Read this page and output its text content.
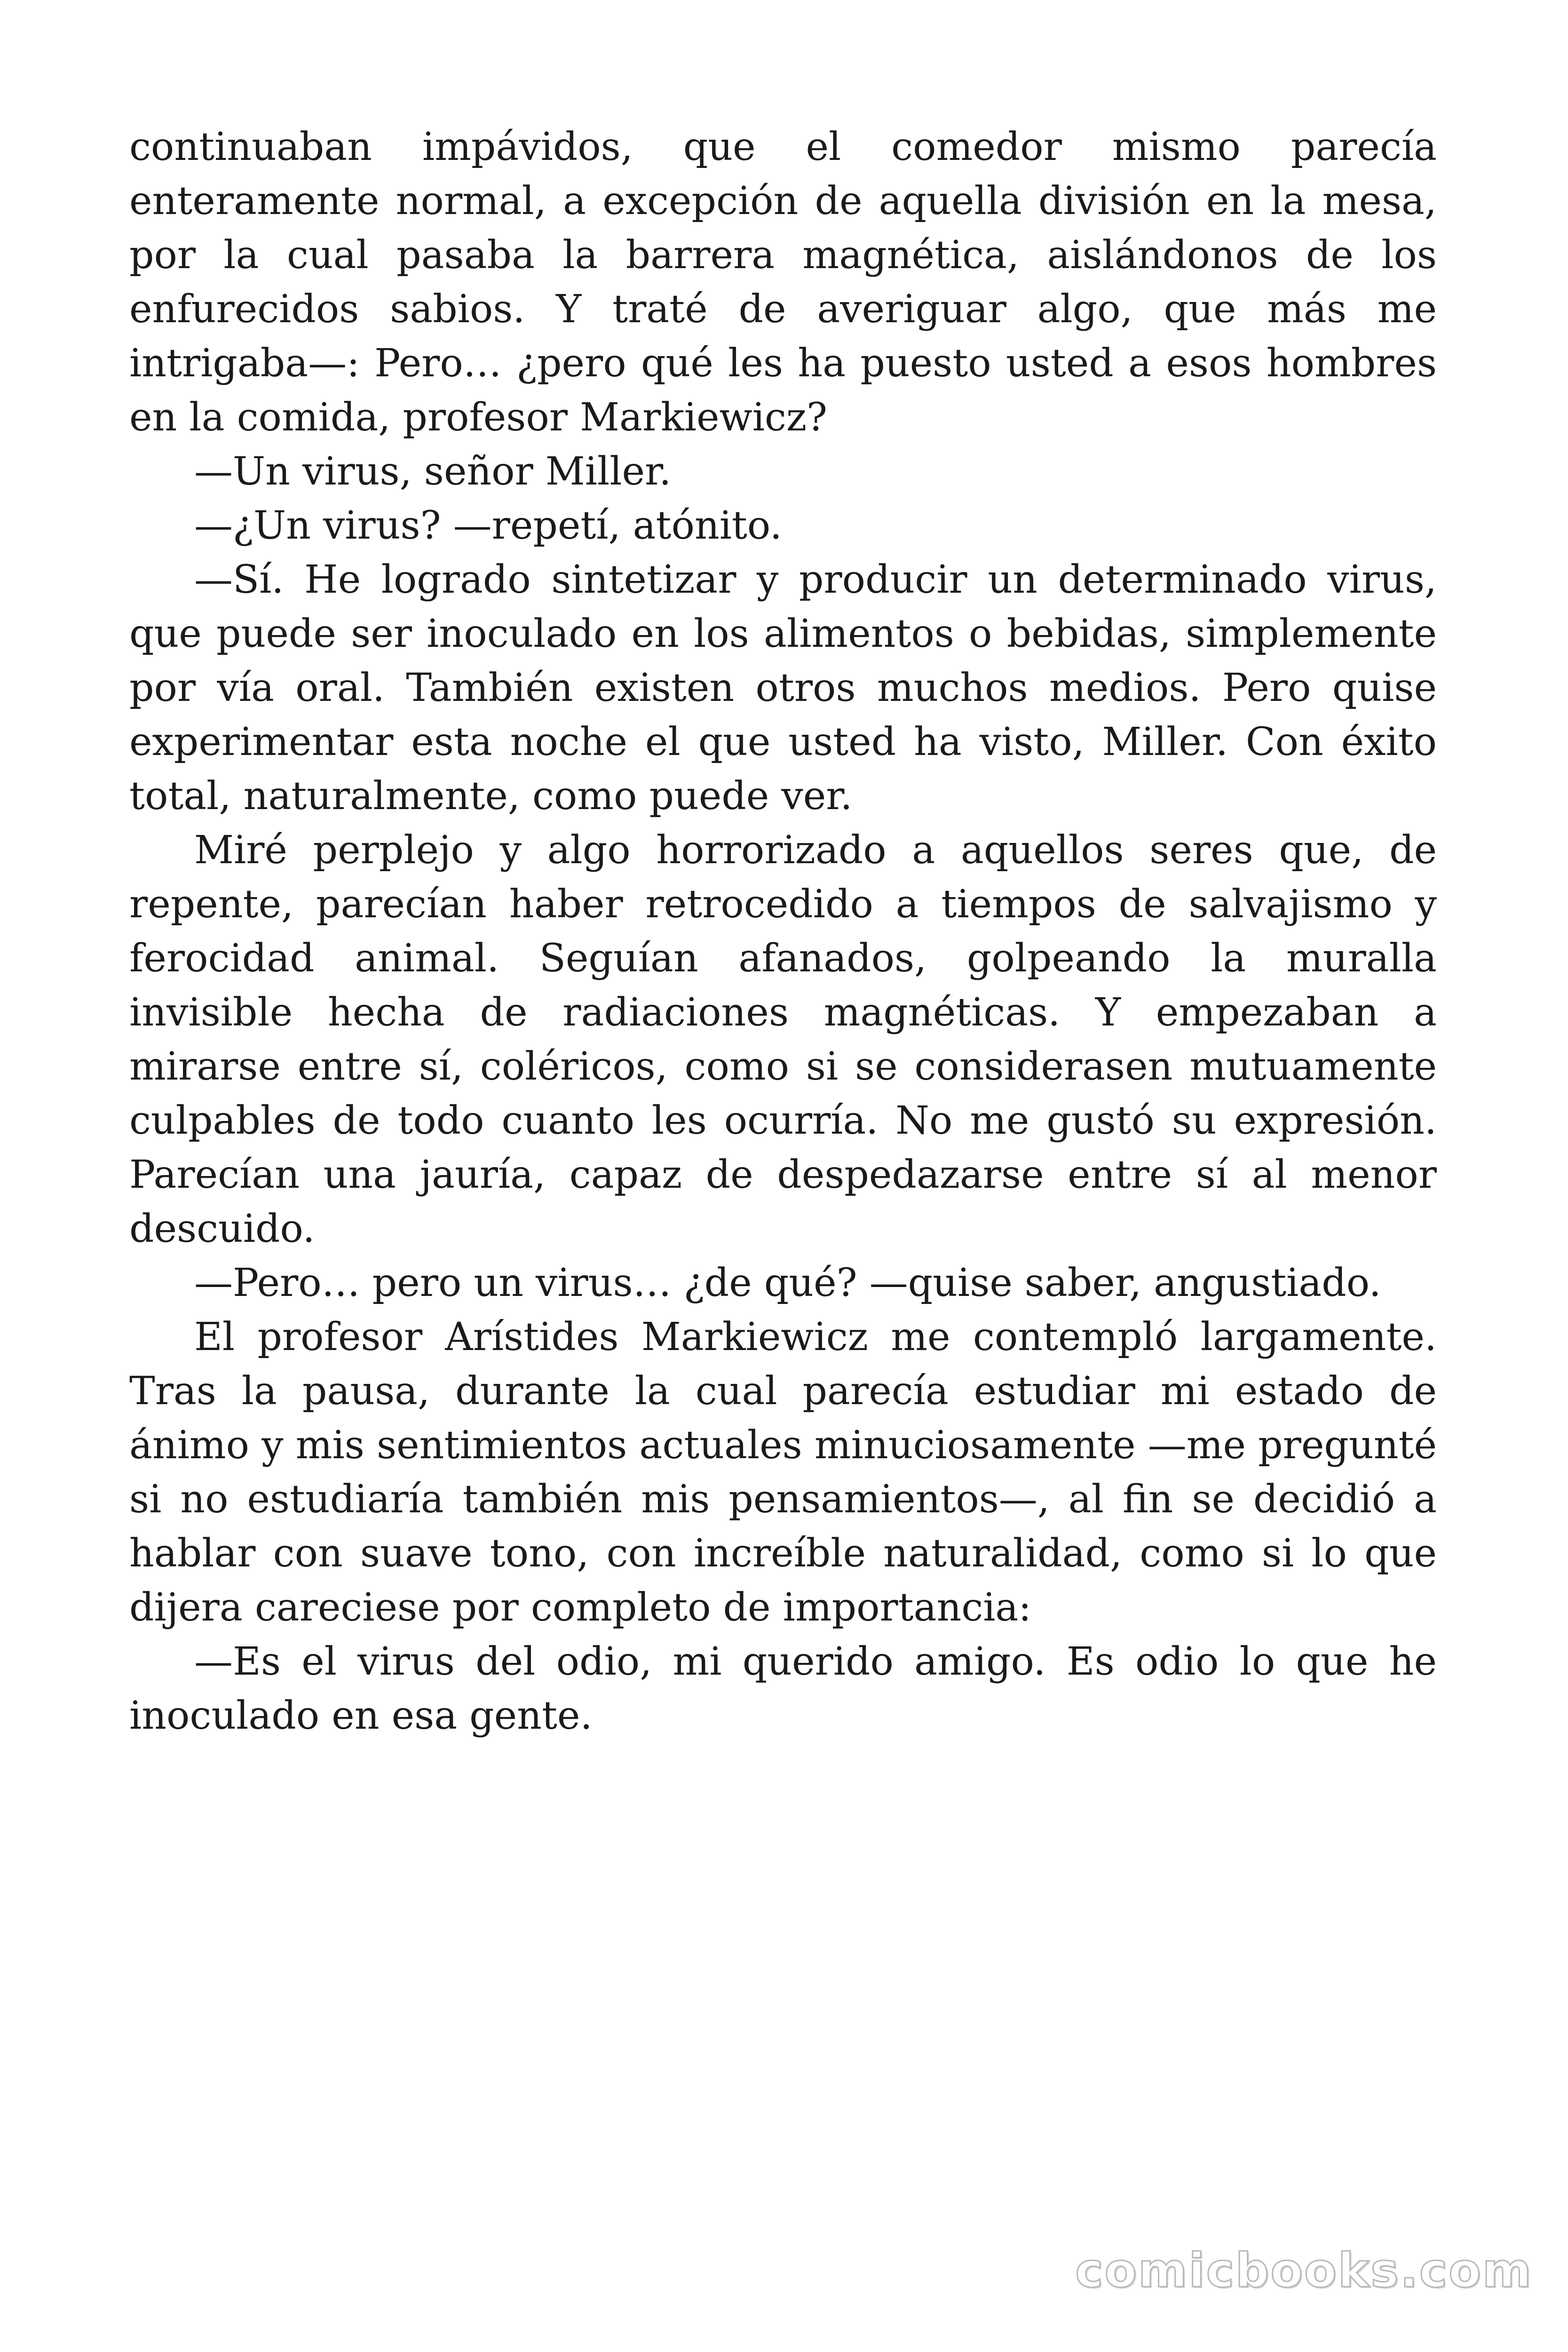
continuaban impávidos, que el comedor mismo parecía enteramente normal, a excepción de aquella división en la mesa, por la cual pasaba la barrera magnética, aislándonos de los enfurecidos sabios. Y traté de averiguar algo, que más me intrigaba—: Pero… ¿pero qué les ha puesto usted a esos hombres en la comida, profesor Markiewicz?

—Un virus, señor Miller.

—¿Un virus? —repetí, atónito.

—Sí. He logrado sintetizar y producir un determinado virus, que puede ser inoculado en los alimentos o bebidas, simplemente por vía oral. También existen otros muchos medios. Pero quise experimentar esta noche el que usted ha visto, Miller. Con éxito total, naturalmente, como puede ver.

Miré perplejo y algo horrorizado a aquellos seres que, de repente, parecían haber retrocedido a tiempos de salvajismo y ferocidad animal. Seguían afanados, golpeando la muralla invisible hecha de radiaciones magnéticas. Y empezaban a mirarse entre sí, coléricos, como si se considerasen mutuamente culpables de todo cuanto les ocurría. No me gustó su expresión. Parecían una jauría, capaz de despedazarse entre sí al menor descuido.

—Pero… pero un virus… ¿de qué? —quise saber, angustiado.

El profesor Arístides Markiewicz me contempló largamente. Tras la pausa, durante la cual parecía estudiar mi estado de ánimo y mis sentimientos actuales minuciosamente —me pregunté si no estudiaría también mis pensamientos—, al fin se decidió a hablar con suave tono, con increíble naturalidad, como si lo que dijera careciese por completo de importancia:

—Es el virus del odio, mi querido amigo. Es odio lo que he inoculado en esa gente.

comicbooks.com
